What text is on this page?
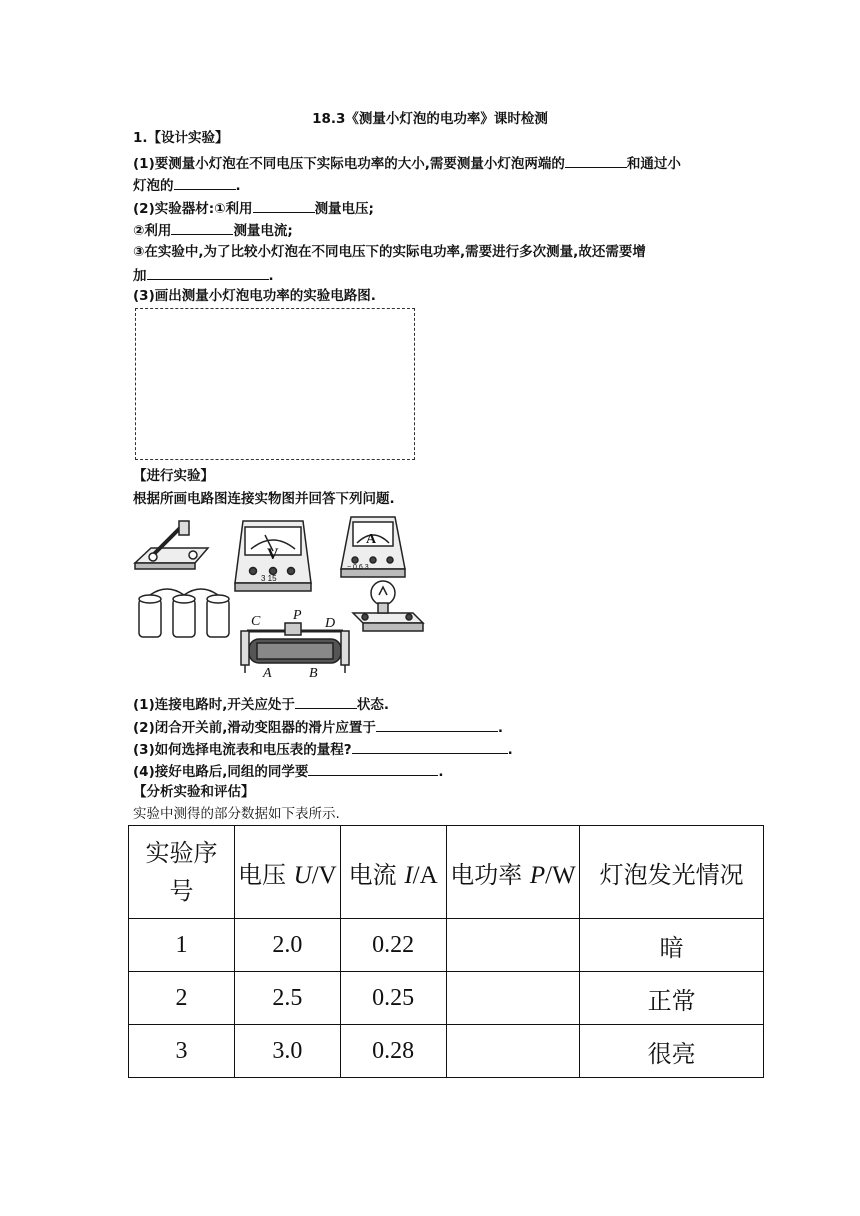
18.3《测量小灯泡的电功率》课时检测
1.【设计实验】
(1)要测量小灯泡在不同电压下实际电功率的大小,需要测量小灯泡两端的	和通过小
灯泡的	.
(2)实验器材:①利用	测量电压;
②利用	测量电流;
③在实验中,为了比较小灯泡在不同电压下的实际电功率,需要进行多次测量,故还需要增
加	.
(3)画出测量小灯泡电功率的实验电路图.
【进行实验】
根据所画电路图连接实物图并回答下列问题.
V
3 15
A
− 0.6 3
C P
D
A	B
(1)连接电路时,开关应处于	状态.
(2)闭合开关前,滑动变阻器的滑片应置于	.
(3)如何选择电流表和电压表的量程?	.
(4)接好电路后,同组的同学要	.
【分析实验和评估】
实验中测得的部分数据如下表所示.
实验序号	电压 U/V	电流 I/A	电功率 P/W	灯泡发光情况
1	2.0	0.22		暗
2	2.5	0.25		正常
3	3.0	0.28		很亮
